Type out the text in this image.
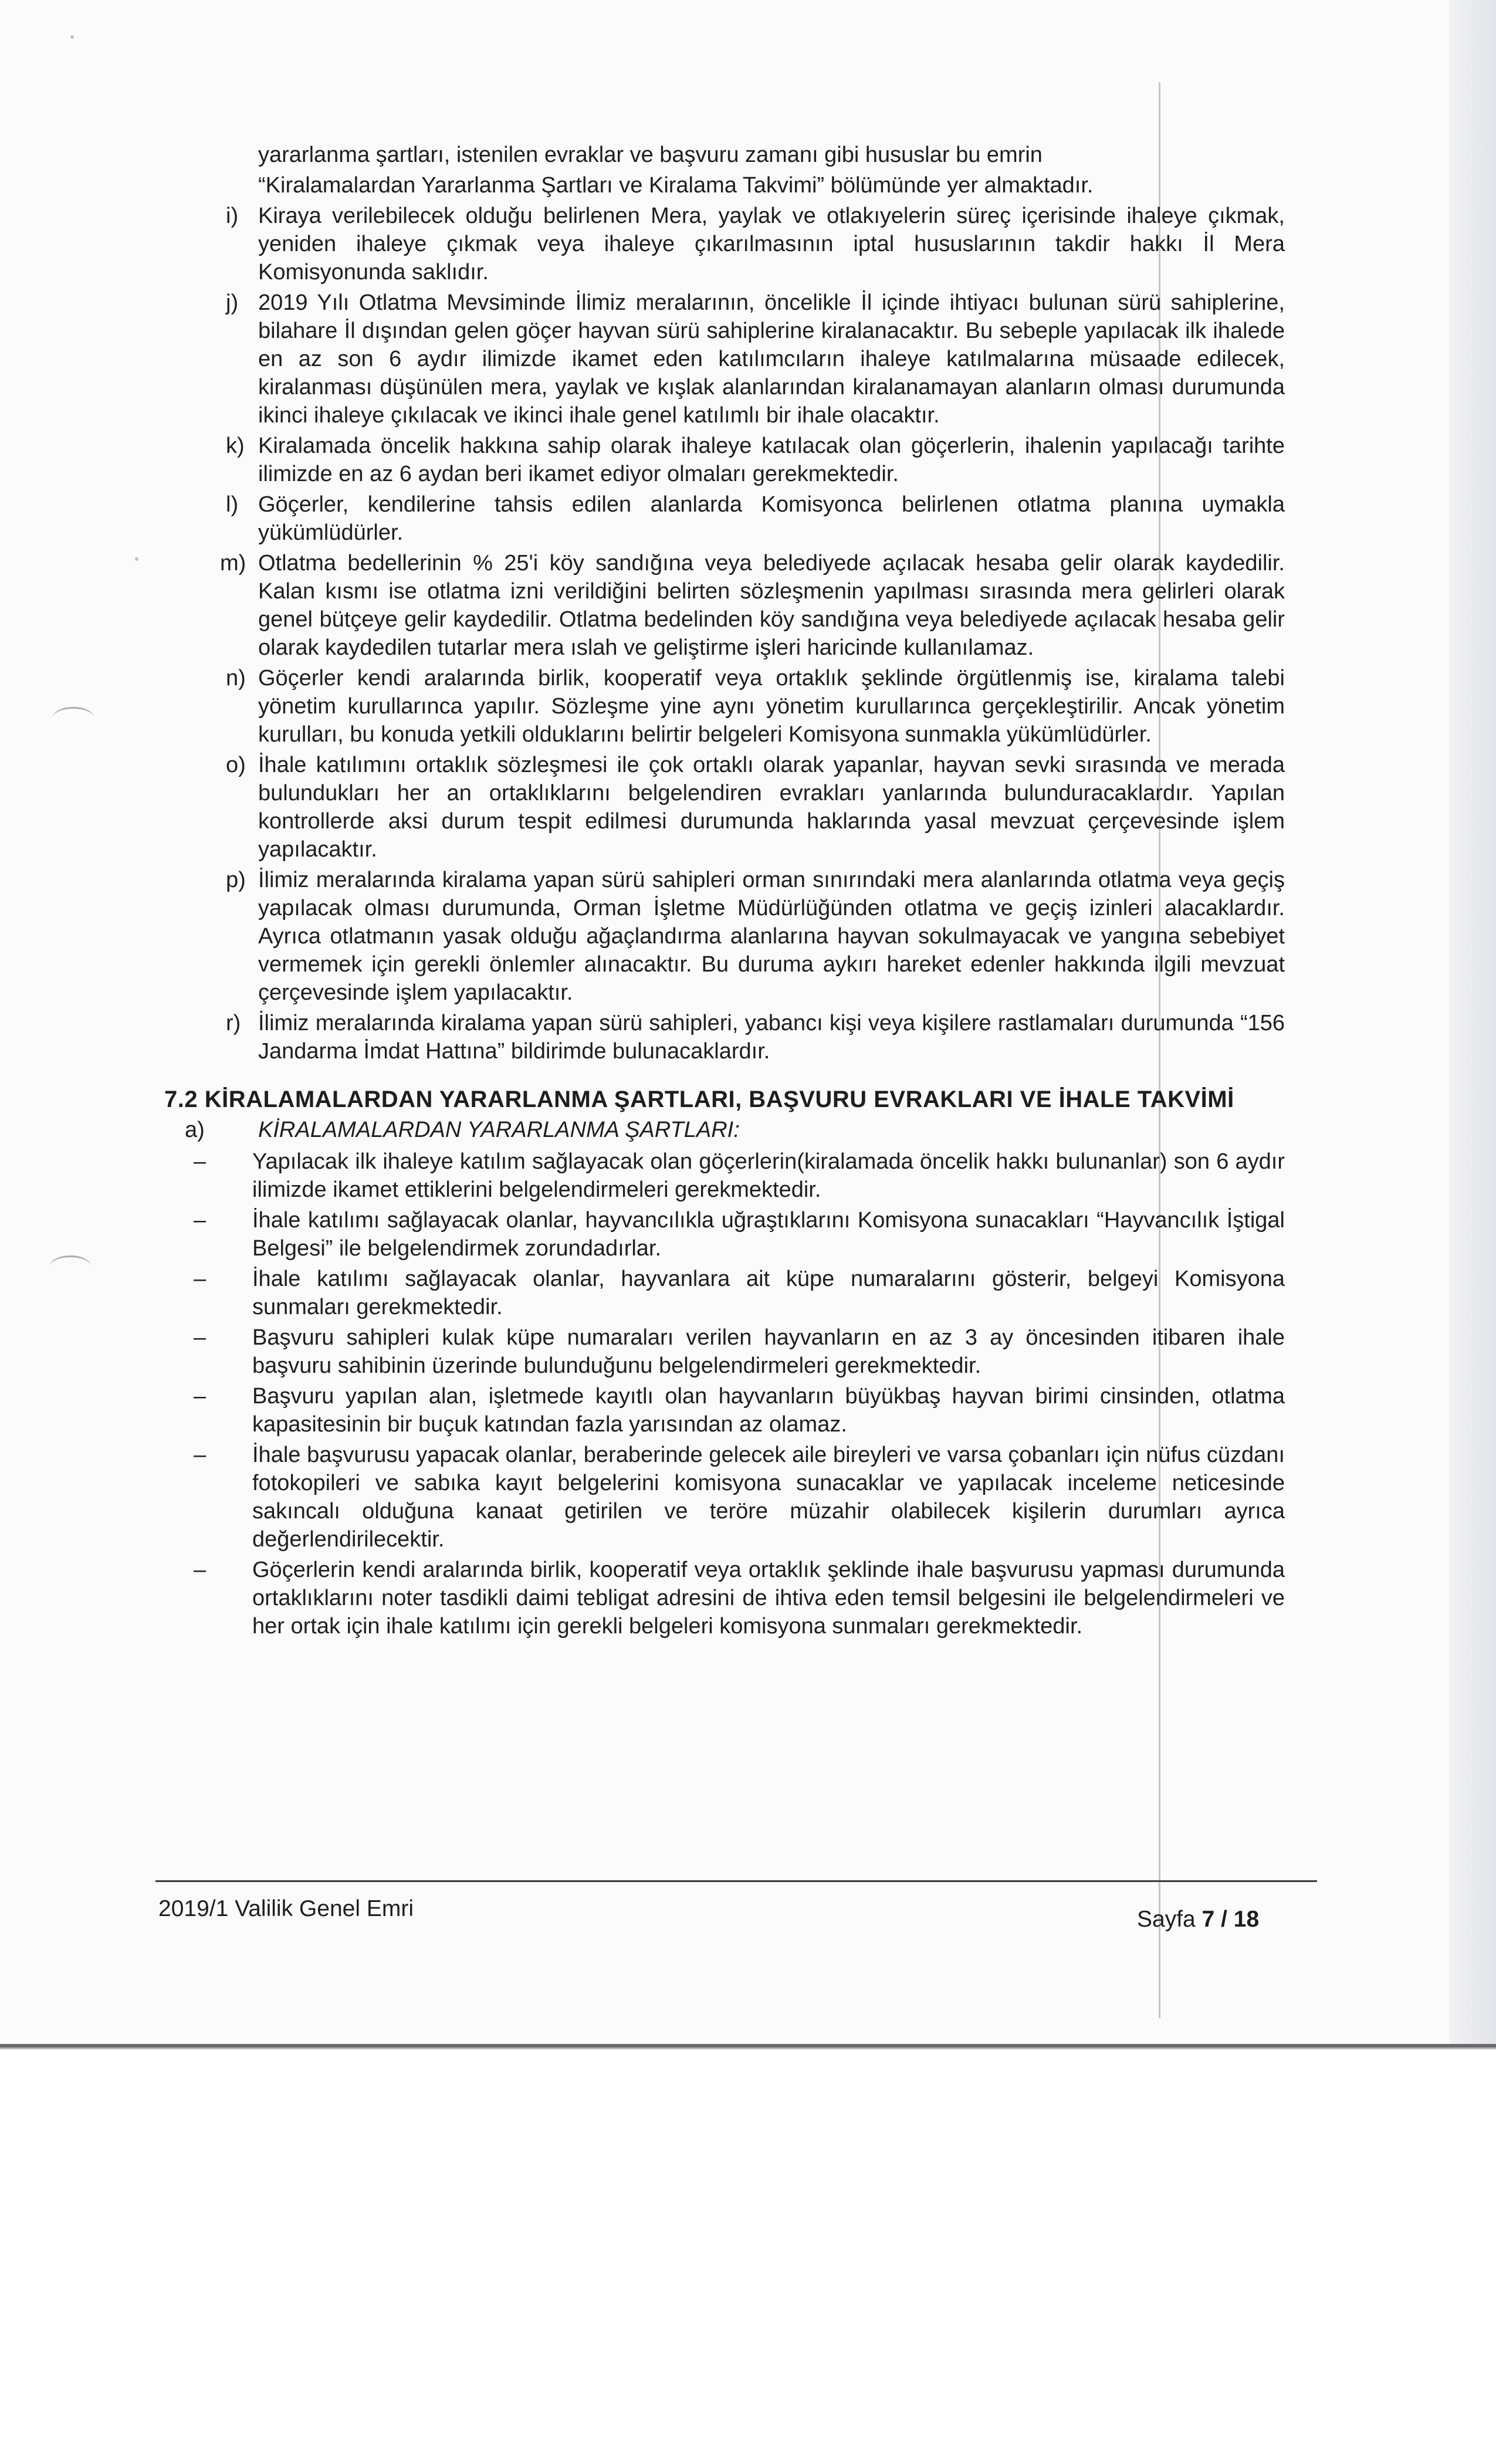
yararlanma şartları, istenilen evraklar ve başvuru zamanı gibi hususlar bu emrin

“Kiralamalardan Yararlanma Şartları ve Kiralama Takvimi” bölümünde yer almaktadır.

i) Kiraya verilebilecek olduğu belirlenen Mera, yaylak ve otlakıyelerin süreç içerisinde ihaleye çıkmak, yeniden ihaleye çıkmak veya ihaleye çıkarılmasının iptal hususlarının takdir hakkı İl Mera Komisyonunda saklıdır.

j) 2019 Yılı Otlatma Mevsiminde İlimiz meralarının, öncelikle İl içinde ihtiyacı bulunan sürü sahiplerine, bilahare İl dışından gelen göçer hayvan sürü sahiplerine kiralanacaktır. Bu sebeple yapılacak ilk ihalede en az son 6 aydır ilimizde ikamet eden katılımcıların ihaleye katılmalarına müsaade edilecek, kiralanması düşünülen mera, yaylak ve kışlak alanlarından kiralanamayan alanların olması durumunda ikinci ihaleye çıkılacak ve ikinci ihale genel katılımlı bir ihale olacaktır.

k) Kiralamada öncelik hakkına sahip olarak ihaleye katılacak olan göçerlerin, ihalenin yapılacağı tarihte ilimizde en az 6 aydan beri ikamet ediyor olmaları gerekmektedir.

l) Göçerler, kendilerine tahsis edilen alanlarda Komisyonca belirlenen otlatma planına uymakla yükümlüdürler.

m) Otlatma bedellerinin % 25'i köy sandığına veya belediyede açılacak hesaba gelir olarak kaydedilir. Kalan kısmı ise otlatma izni verildiğini belirten sözleşmenin yapılması sırasında mera gelirleri olarak genel bütçeye gelir kaydedilir. Otlatma bedelinden köy sandığına veya belediyede açılacak hesaba gelir olarak kaydedilen tutarlar mera ıslah ve geliştirme işleri haricinde kullanılamaz.

n) Göçerler kendi aralarında birlik, kooperatif veya ortaklık şeklinde örgütlenmiş ise, kiralama talebi yönetim kurullarınca yapılır. Sözleşme yine aynı yönetim kurullarınca gerçekleştirilir. Ancak yönetim kurulları, bu konuda yetkili olduklarını belirtir belgeleri Komisyona sunmakla yükümlüdürler.

o) İhale katılımını ortaklık sözleşmesi ile çok ortaklı olarak yapanlar, hayvan sevki sırasında ve merada bulundukları her an ortaklıklarını belgelendiren evrakları yanlarında bulunduracaklardır. Yapılan kontrollerde aksi durum tespit edilmesi durumunda haklarında yasal mevzuat çerçevesinde işlem yapılacaktır.

p) İlimiz meralarında kiralama yapan sürü sahipleri orman sınırındaki mera alanlarında otlatma veya geçiş yapılacak olması durumunda, Orman İşletme Müdürlüğünden otlatma ve geçiş izinleri alacaklardır. Ayrıca otlatmanın yasak olduğu ağaçlandırma alanlarına hayvan sokulmayacak ve yangına sebebiyet vermemek için gerekli önlemler alınacaktır. Bu duruma aykırı hareket edenler hakkında ilgili mevzuat çerçevesinde işlem yapılacaktır.

r) İlimiz meralarında kiralama yapan sürü sahipleri, yabancı kişi veya kişilere rastlamaları durumunda “156 Jandarma İmdat Hattına” bildirimde bulunacaklardır.

7.2 KİRALAMALARDAN YARARLANMA ŞARTLARI, BAŞVURU EVRAKLARI VE İHALE TAKVİMİ
a) KİRALAMALARDAN YARARLANMA ŞARTLARI:
– Yapılacak ilk ihaleye katılım sağlayacak olan göçerlerin(kiralamada öncelik hakkı bulunanlar) son 6 aydır ilimizde ikamet ettiklerini belgelendirmeleri gerekmektedir.

– İhale katılımı sağlayacak olanlar, hayvancılıkla uğraştıklarını Komisyona sunacakları “Hayvancılık İştigal Belgesi” ile belgelendirmek zorundadırlar.

– İhale katılımı sağlayacak olanlar, hayvanlara ait küpe numaralarını gösterir, belgeyi Komisyona sunmaları gerekmektedir.

– Başvuru sahipleri kulak küpe numaraları verilen hayvanların en az 3 ay öncesinden itibaren ihale başvuru sahibinin üzerinde bulunduğunu belgelendirmeleri gerekmektedir.

– Başvuru yapılan alan, işletmede kayıtlı olan hayvanların büyükbaş hayvan birimi cinsinden, otlatma kapasitesinin bir buçuk katından fazla yarısından az olamaz.

– İhale başvurusu yapacak olanlar, beraberinde gelecek aile bireyleri ve varsa çobanları için nüfus cüzdanı fotokopileri ve sabıka kayıt belgelerini komisyona sunacaklar ve yapılacak inceleme neticesinde sakıncalı olduğuna kanaat getirilen ve teröre müzahir olabilecek kişilerin durumları ayrıca değerlendirilecektir.

– Göçerlerin kendi aralarında birlik, kooperatif veya ortaklık şeklinde ihale başvurusu yapması durumunda ortaklıklarını noter tasdikli daimi tebligat adresini de ihtiva eden temsil belgesini ile belgelendirmeleri ve her ortak için ihale katılımı için gerekli belgeleri komisyona sunmaları gerekmektedir.

2019/1 Valilik Genel Emri	Sayfa 7 / 18
